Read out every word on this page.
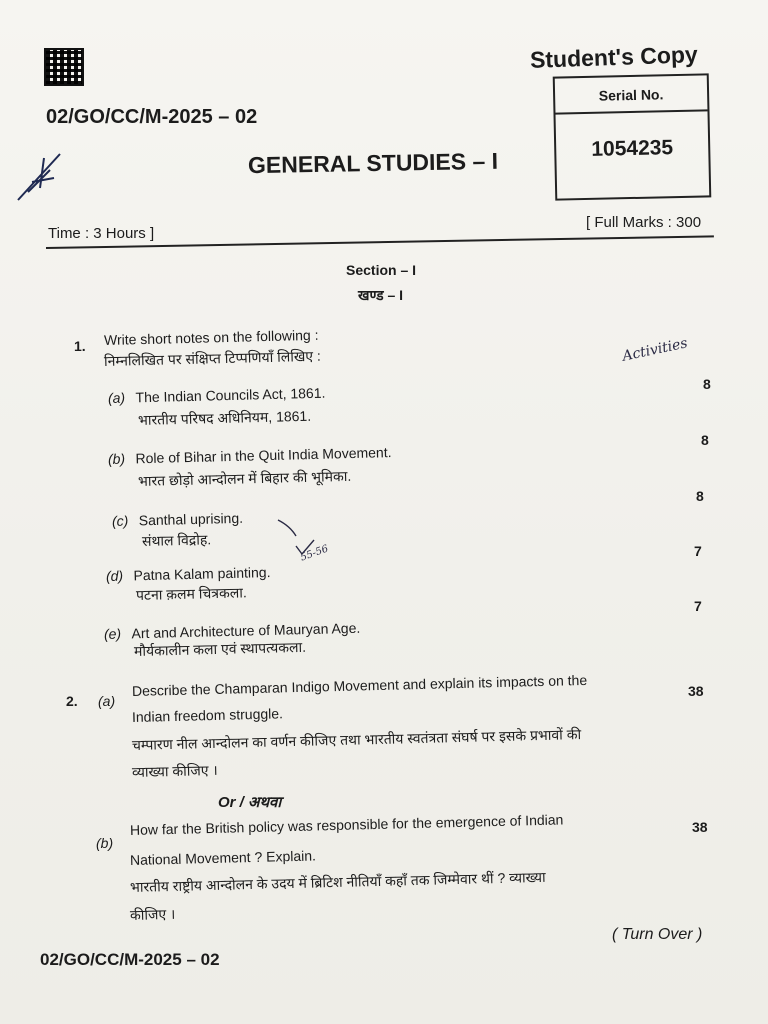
Student's Copy
Serial No.
1054235
02/GO/CC/M-2025 – 02
GENERAL STUDIES – I
Time : 3 Hours ]
[ Full Marks : 300
Section – I
खण्ड – I
1. Write short notes on the following :
निम्नलिखित पर संक्षिप्त टिप्पणियाँ लिखिए :	Activities
(a) The Indian Councils Act, 1861.
भारतीय परिषद अधिनियम, 1861.
8
(b) Role of Bihar in the Quit India Movement.
भारत छोड़ो आन्दोलन में बिहार की भूमिका.
8
(c) Santhal uprising.
संथाल विद्रोह.
8
(d) Patna Kalam painting.
55-56
पटना क़लम चित्रकला.
7
(e) Art and Architecture of Mauryan Age.
मौर्यकालीन कला एवं स्थापत्यकला.
7
2. (a)
Describe the Champaran Indigo Movement and explain its impacts on the
Indian freedom struggle.
चम्पारण नील आन्दोलन का वर्णन कीजिए तथा भारतीय स्वतंत्रता संघर्ष पर इसके प्रभावों की
व्याख्या कीजिए ।
38
Or / अथवा
(b)
How far the British policy was responsible for the emergence of Indian
National Movement ? Explain.
भारतीय राष्ट्रीय आन्दोलन के उदय में ब्रिटिश नीतियाँ कहाँ तक जिम्मेवार थीं ? व्याख्या
कीजिए ।
38
( Turn Over )
02/GO/CC/M-2025 – 02
